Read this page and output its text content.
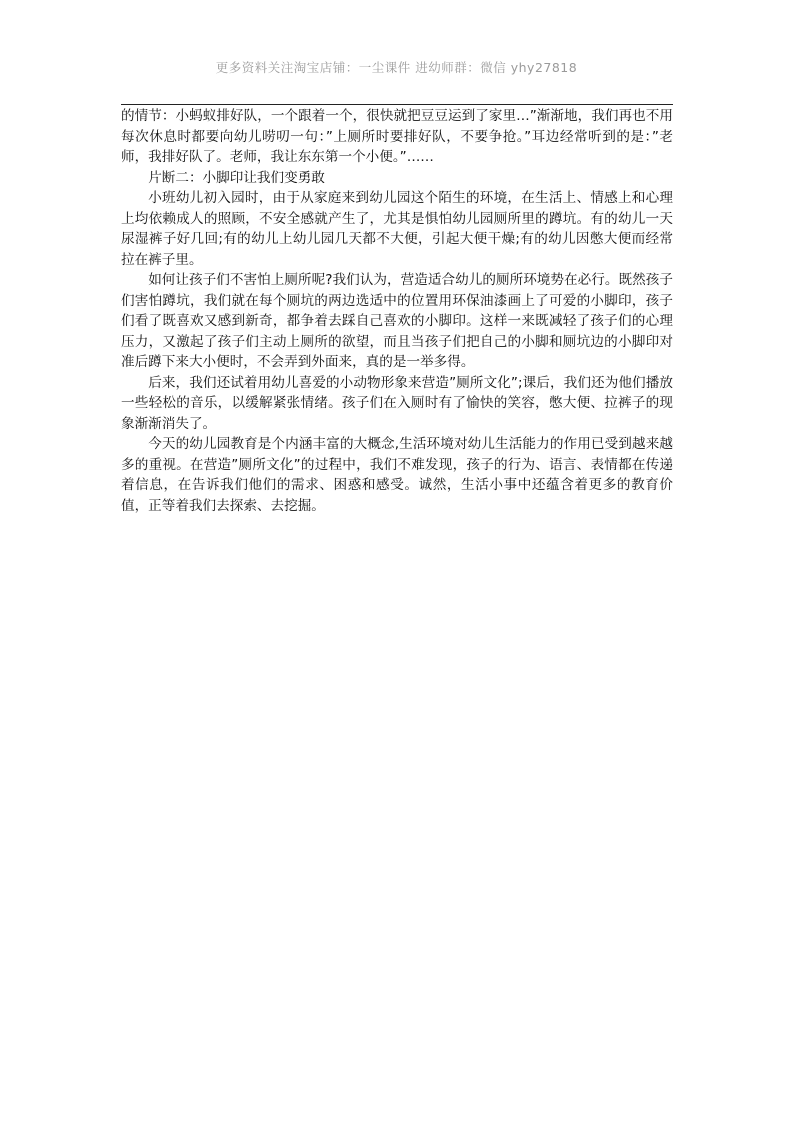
更多资料关注淘宝店铺：一尘课件 进幼师群：微信 yhy27818

的情节：小蚂蚁排好队，一个跟着一个，很快就把豆豆运到了家里…”渐渐地，我们再也不用每次休息时都要向幼儿唠叨一句：”上厕所时要排好队，不要争抢。”耳边经常听到的是：”老师，我排好队了。老师，我让东东第一个小便。”……

片断二：小脚印让我们变勇敢

小班幼儿初入园时，由于从家庭来到幼儿园这个陌生的环境，在生活上、情感上和心理上均依赖成人的照顾，不安全感就产生了，尤其是惧怕幼儿园厕所里的蹲坑。有的幼儿一天尿湿裤子好几回;有的幼儿上幼儿园几天都不大便，引起大便干燥;有的幼儿因憋大便而经常拉在裤子里。

如何让孩子们不害怕上厕所呢?我们认为，营造适合幼儿的厕所环境势在必行。既然孩子们害怕蹲坑，我们就在每个厕坑的两边选适中的位置用环保油漆画上了可爱的小脚印，孩子们看了既喜欢又感到新奇，都争着去踩自己喜欢的小脚印。这样一来既减轻了孩子们的心理压力，又激起了孩子们主动上厕所的欲望，而且当孩子们把自己的小脚和厕坑边的小脚印对准后蹲下来大小便时，不会弄到外面来，真的是一举多得。

后来，我们还试着用幼儿喜爱的小动物形象来营造”厕所文化”;课后，我们还为他们播放一些轻松的音乐，以缓解紧张情绪。孩子们在入厕时有了愉快的笑容，憋大便、拉裤子的现象渐渐消失了。

今天的幼儿园教育是个内涵丰富的大概念,生活环境对幼儿生活能力的作用已受到越来越多的重视。在营造”厕所文化”的过程中，我们不难发现，孩子的行为、语言、表情都在传递着信息，在告诉我们他们的需求、困惑和感受。诚然，生活小事中还蕴含着更多的教育价值，正等着我们去探索、去挖掘。
